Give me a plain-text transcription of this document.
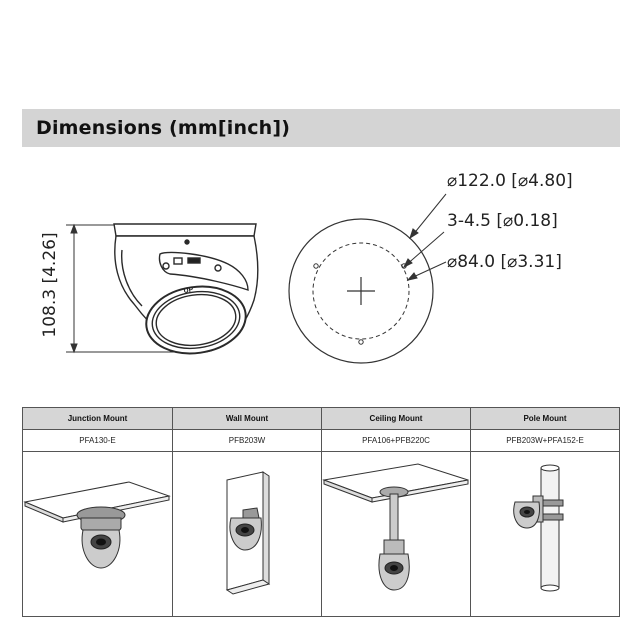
Dimensions (mm[inch])
108.3 [4.26]	UP
⌀122.0 [⌀4.80]
3-4.5 [⌀0.18]
⌀84.0 [⌀3.31]
Junction Mount	Wall Mount	Ceiling Mount	Pole Mount
PFA130-E	PFB203W	PFA106+PFB220C	PFB203W+PFA152-E
